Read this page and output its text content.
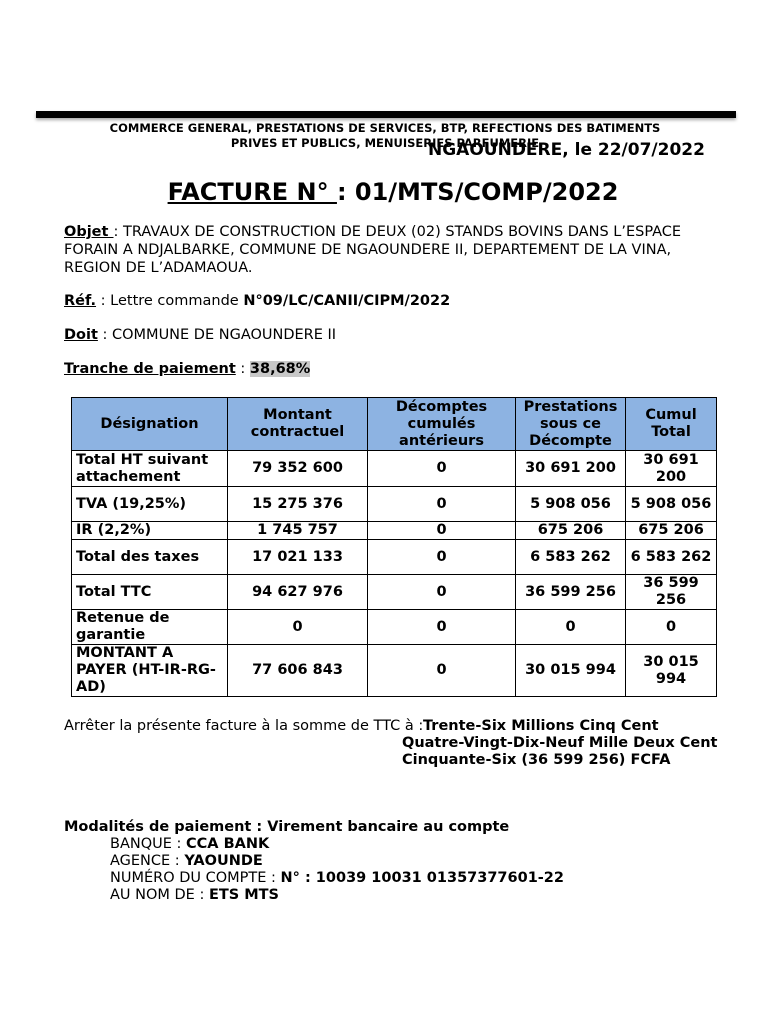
COMMERCE GENERAL, PRESTATIONS DE SERVICES, BTP, REFECTIONS DES BATIMENTS PRIVES ET PUBLICS, MENUISERIES PARFUMERIE
NGAOUNDERE, le 22/07/2022
FACTURE N° : 01/MTS/COMP/2022
Objet : TRAVAUX DE CONSTRUCTION DE DEUX (02) STANDS BOVINS DANS L’ESPACE FORAIN A NDJALBARKE, COMMUNE DE NGAOUNDERE II, DEPARTEMENT DE LA VINA, REGION DE L’ADAMAOUA.
Réf. : Lettre commande N°09/LC/CANII/CIPM/2022
Doit : COMMUNE DE NGAOUNDERE II
Tranche de paiement : 38,68%
Désignation	Montant contractuel	Décomptes cumulés antérieurs	Prestations sous ce Décompte	Cumul Total
Total HT suivant attachement	79 352 600	0	30 691 200	30 691 200
TVA (19,25%)	15 275 376	0	5 908 056	5 908 056
IR (2,2%)	1 745 757	0	675 206	675 206
Total des taxes	17 021 133	0	6 583 262	6 583 262
Total TTC	94 627 976	0	36 599 256	36 599 256
Retenue de garantie	0	0	0	0
MONTANT A PAYER (HT-IR-RG-AD)	77 606 843	0	30 015 994	30 015 994
Arrêter la présente facture à la somme de TTC à : Trente-Six Millions Cinq Cent
Quatre-Vingt-Dix-Neuf Mille Deux Cent Cinquante-Six (36 599 256) FCFA
Modalités de paiement : Virement bancaire au compte
BANQUE : CCA BANK
AGENCE : YAOUNDE
NUMÉRO DU COMPTE : N° : 10039 10031 01357377601-22
AU NOM DE : ETS MTS
